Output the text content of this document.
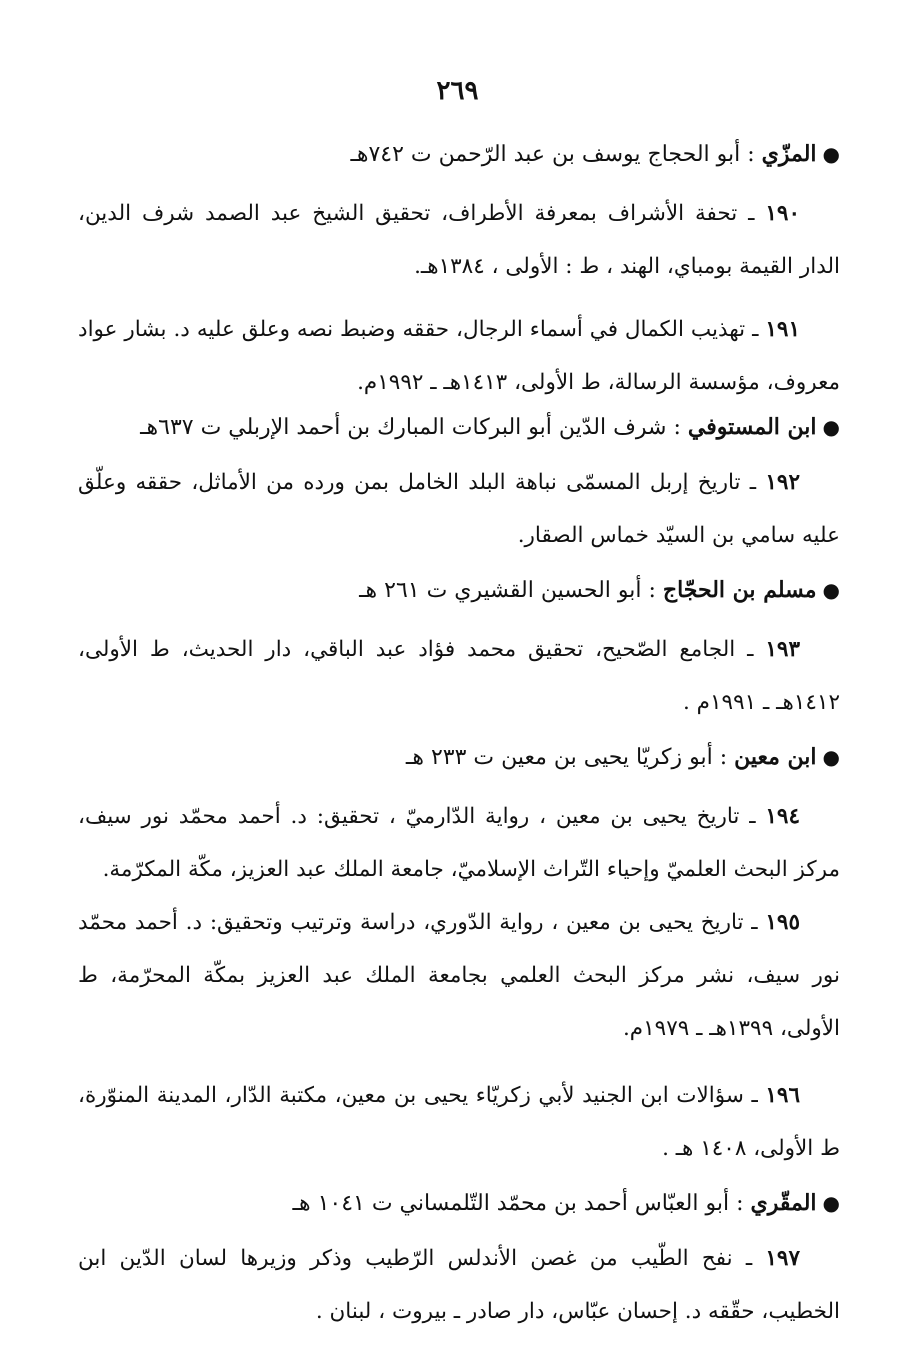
٢٦٩

●المزّي : أبو الحجاج يوسف بن عبد الرّحمن ت ٧٤٢هـ

١٩٠ ـ تحفة الأشراف بمعرفة الأطراف، تحقيق الشيخ عبد الصمد شرف الدين، الدار القيمة بومباي، الهند ، ط : الأولى ، ١٣٨٤هـ.

١٩١ ـ تهذيب الكمال في أسماء الرجال، حققه وضبط نصه وعلق عليه د. بشار عواد معروف، مؤسسة الرسالة، ط الأولى، ١٤١٣هـ ـ ١٩٩٢م.

●ابن المستوفي : شرف الدّين أبو البركات المبارك بن أحمد الإربلي ت ٦٣٧هـ

١٩٢ ـ تاريخ إربل المسمّى نباهة البلد الخامل بمن ورده من الأماثل، حققه وعلّق عليه سامي بن السيّد خماس الصقار.

●مسلم بن الحجّاج : أبو الحسين القشيري ت ٢٦١ هـ

١٩٣ ـ الجامع الصّحيح، تحقيق محمد فؤاد عبد الباقي، دار الحديث، ط الأولى، ١٤١٢هـ ـ ١٩٩١م .

●ابن معين : أبو زكريّا يحيى بن معين ت ٢٣٣ هـ

١٩٤ ـ تاريخ يحيى بن معين ، رواية الدّارميّ ، تحقيق: د. أحمد محمّد نور سيف، مركز البحث العلميّ وإحياء التّراث الإسلاميّ، جامعة الملك عبد العزيز، مكّة المكرّمة.

١٩٥ ـ تاريخ يحيى بن معين ، رواية الدّوري، دراسة وترتيب وتحقيق: د. أحمد محمّد نور سيف، نشر مركز البحث العلمي بجامعة الملك عبد العزيز بمكّة المحرّمة، ط الأولى، ١٣٩٩هـ ـ ١٩٧٩م.

١٩٦ ـ سؤالات ابن الجنيد لأبي زكريّاء يحيى بن معين، مكتبة الدّار، المدينة المنوّرة، ط الأولى، ١٤٠٨ هـ .

●المقّري : أبو العبّاس أحمد بن محمّد التّلمساني ت ١٠٤١ هـ

١٩٧ ـ نفح الطّيب من غصن الأندلس الرّطيب وذكر وزيرها لسان الدّين ابن الخطيب، حقّقه د. إحسان عبّاس، دار صادر ـ بيروت ، لبنان .
